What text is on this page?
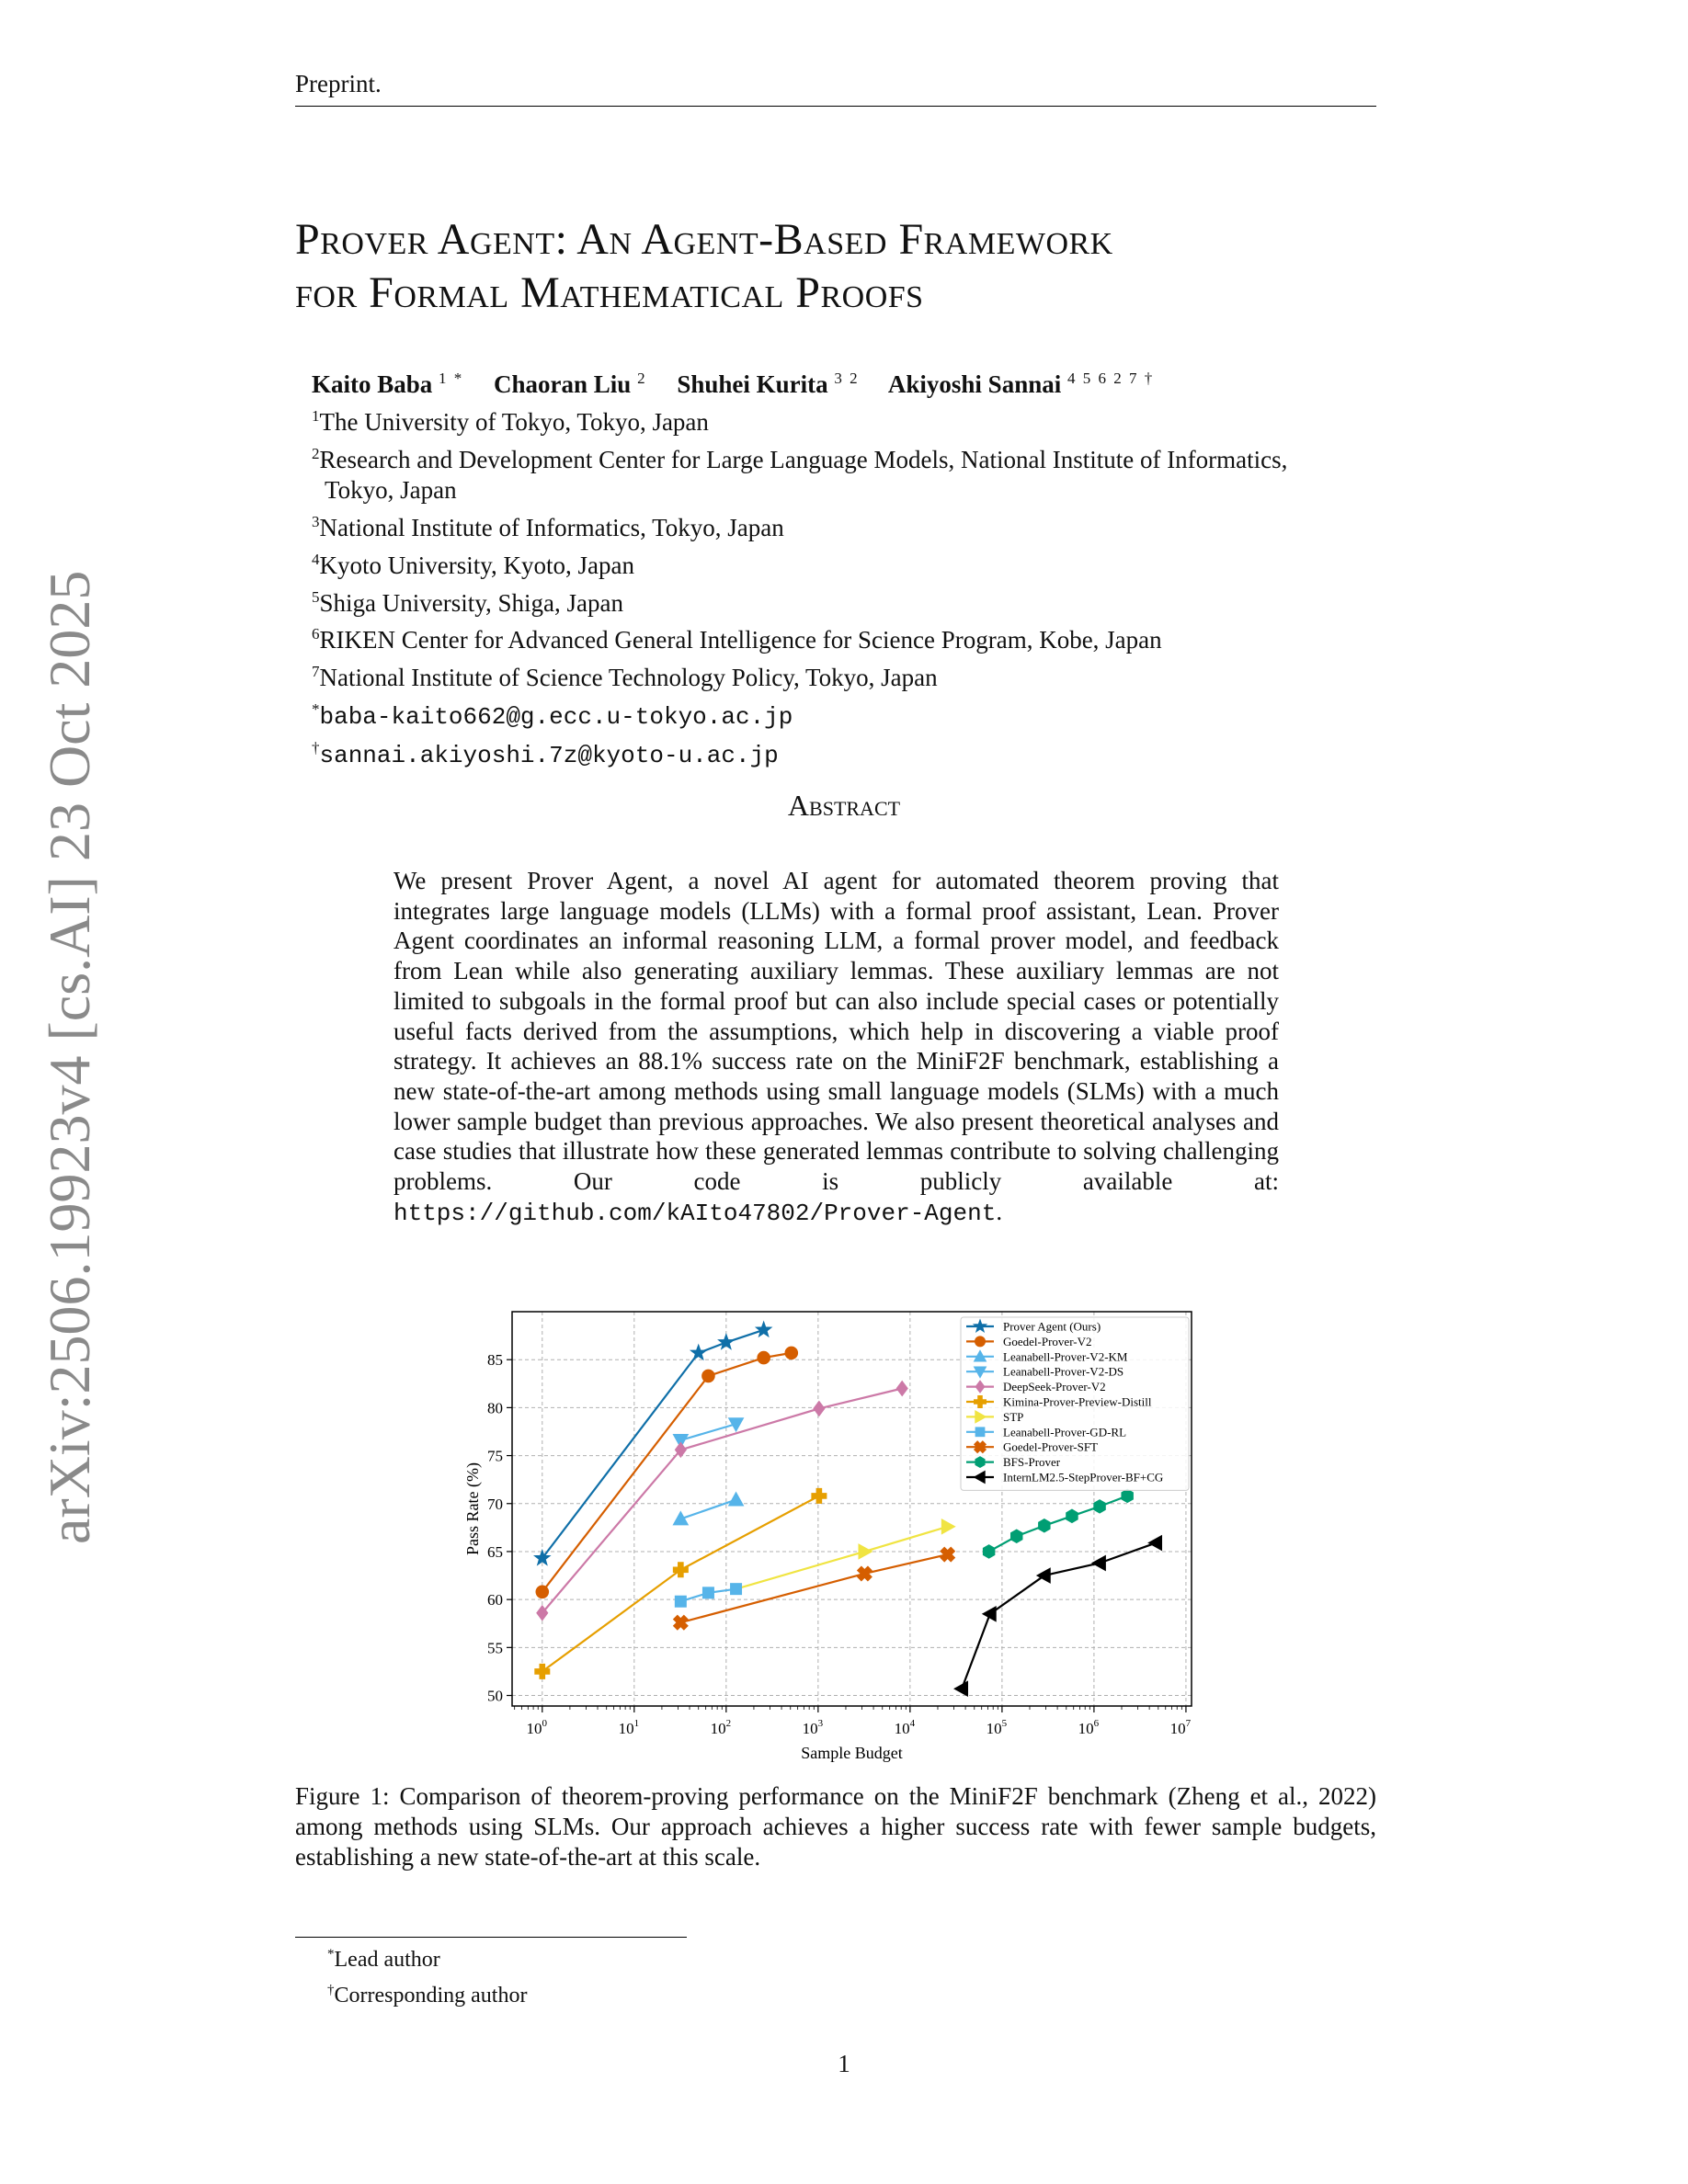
Preprint.
Prover Agent: An Agent-Based Framework
for Formal Mathematical Proofs
Kaito Baba $^{1 *}$ Chaoran Liu $^2$ Shuhei Kurita $^{3 2}$ Akiyoshi Sannai $^{4 5 6 2 7 \dagger}$
$^1$The University of Tokyo, Tokyo, Japan
$^2$Research and Development Center for Large Language Models, National Institute of Informatics,
Tokyo, Japan
$^3$National Institute of Informatics, Tokyo, Japan
$^4$Kyoto University, Kyoto, Japan
$^5$Shiga University, Shiga, Japan
$^6$RIKEN Center for Advanced General Intelligence for Science Program, Kobe, Japan
$^7$National Institute of Science Technology Policy, Tokyo, Japan
*baba-kaito662@g.ecc.u-tokyo.ac.jp
†sannai.akiyoshi.7z@kyoto-u.ac.jp
Abstract
We present Prover Agent, a novel AI agent for automated theorem proving that integrates large language models (LLMs) with a formal proof assistant, Lean. Prover Agent coordinates an informal reasoning LLM, a formal prover model, and feedback from Lean while also generating auxiliary lemmas. These auxiliary lemmas are not limited to subgoals in the formal proof but can also include special cases or potentially useful facts derived from the assumptions, which help in discovering a viable proof strategy. It achieves an 88.1% success rate on the MiniF2F benchmark, establishing a new state-of-the-art among methods using small language models (SLMs) with a much lower sample budget than previous approaches. We also present theoretical analyses and case studies that illustrate how these generated lemmas contribute to solving challenging problems. Our code is publicly available at: https://github.com/kAIto47802/Prover-Agent.
$10^0$	$10^1$	$10^2$	$10^3$	$10^4$	$10^5$	$10^6$	$10^7$
50
55
60
65
70
75
80
85
Sample Budget
Pass Rate (%)
Prover Agent (Ours)
Goedel-Prover-V2
Leanabell-Prover-V2-KM
Leanabell-Prover-V2-DS
DeepSeek-Prover-V2
Kimina-Prover-Preview-Distill
STP
Leanabell-Prover-GD-RL
Goedel-Prover-SFT
BFS-Prover
InternLM2.5-StepProver-BF+CG
Figure 1: Comparison of theorem-proving performance on the MiniF2F benchmark (Zheng et al., 2022) among methods using SLMs. Our approach achieves a higher success rate with fewer sample budgets, establishing a new state-of-the-art at this scale.
*Lead author
†Corresponding author
1
arXiv:2506.19923v4 [cs.AI] 23 Oct 2025
